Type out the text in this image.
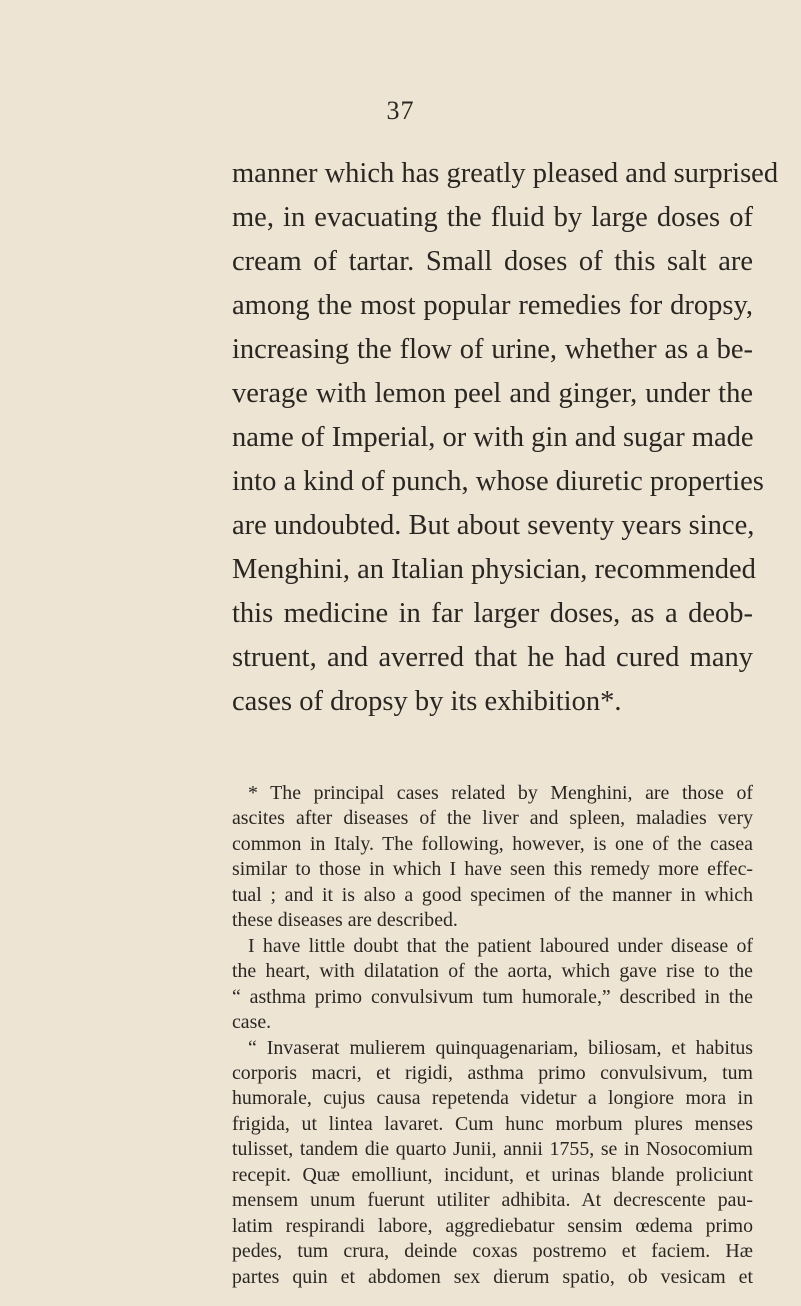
37
manner which has greatly pleased and surprised
me, in evacuating the fluid by large doses of
cream of tartar. Small doses of this salt are
among the most popular remedies for dropsy,
increasing the flow of urine, whether as a be-
verage with lemon peel and ginger, under the
name of Imperial, or with gin and sugar made
into a kind of punch, whose diuretic properties
are undoubted. But about seventy years since,
Menghini, an Italian physician, recommended
this medicine in far larger doses, as a deob-
struent, and averred that he had cured many
cases of dropsy by its exhibition*.
* The principal cases related by Menghini, are those of
ascites after diseases of the liver and spleen, maladies very
common in Italy. The following, however, is one of the casea
similar to those in which I have seen this remedy more effec-
tual ; and it is also a good specimen of the manner in which
these diseases are described.
I have little doubt that the patient laboured under disease of
the heart, with dilatation of the aorta, which gave rise to the
“ asthma primo convulsivum tum humorale,” described in the
case.
“ Invaserat mulierem quinquagenariam, biliosam, et habitus
corporis macri, et rigidi, asthma primo convulsivum, tum
humorale, cujus causa repetenda videtur a longiore mora in
frigida, ut lintea lavaret. Cum hunc morbum plures menses
tulisset, tandem die quarto Junii, annii 1755, se in Nosocomium
recepit. Quæ emolliunt, incidunt, et urinas blande proliciunt
mensem unum fuerunt utiliter adhibita. At decrescente pau-
latim respirandi labore, aggrediebatur sensim œdema primo
pedes, tum crura, deinde coxas postremo et faciem. Hæ
partes quin et abdomen sex dierum spatio, ob vesicam et
